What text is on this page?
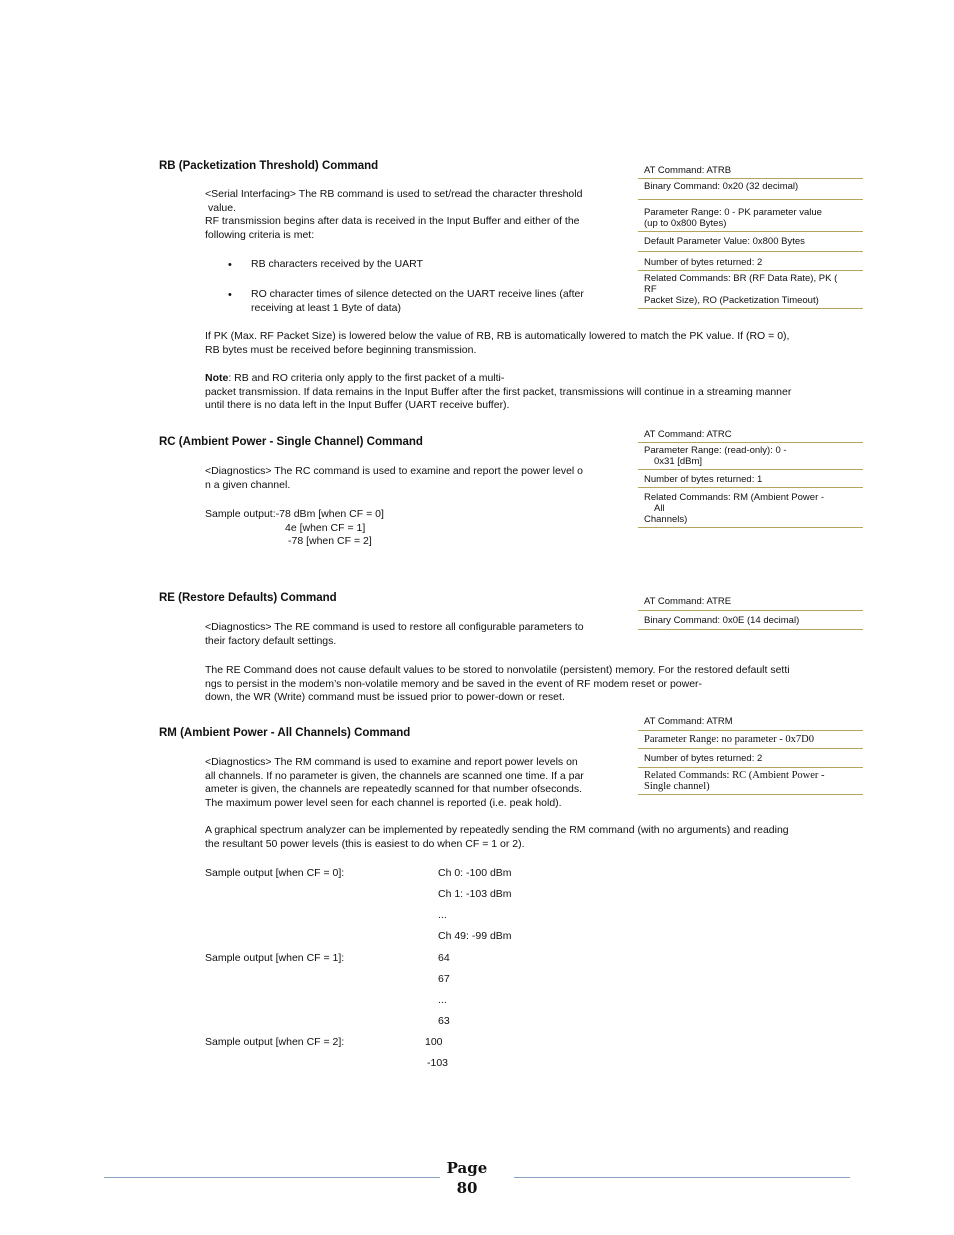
RB (Packetization Threshold) Command	AT Command: ATRB
Binary Command: 0x20 (32 decimal)
Parameter Range: 0 - PK parameter value
(up to 0x800 Bytes)
Default Parameter Value: 0x800 Bytes
Number of bytes returned: 2
Related Commands: BR (RF Data Rate), PK (
RF
Packet Size), RO (Packetization Timeout)
<Serial Interfacing> The RB command is used to set/read the character threshold
value.
RF transmission begins after data is received in the Input Buffer and either of the
following criteria is met:
• RB characters received by the UART
• RO character times of silence detected on the UART receive lines (after
receiving at least 1 Byte of data)
If PK (Max. RF Packet Size) is lowered below the value of RB, RB is automatically lowered to match the PK value. If (RO = 0),
RB bytes must be received before beginning transmission.
Note: RB and RO criteria only apply to the first packet of a multi-
packet transmission. If data remains in the Input Buffer after the first packet, transmissions will continue in a streaming manner
until there is no data left in the Input Buffer (UART receive buffer).
RC (Ambient Power - Single Channel) Command
AT Command: ATRC
Parameter Range: (read-only): 0 -
0x31 [dBm]
Number of bytes returned: 1
Related Commands: RM (Ambient Power -
All
Channels)
<Diagnostics> The RC command is used to examine and report the power level o
n a given channel.
Sample output:-78 dBm [when CF = 0]
4e [when CF = 1]
-78 [when CF = 2]
RE (Restore Defaults) Command	AT Command: ATRE
Binary Command: 0x0E (14 decimal)
<Diagnostics> The RE command is used to restore all configurable parameters to
their factory default settings.
The RE Command does not cause default values to be stored to nonvolatile (persistent) memory. For the restored default setti
ngs to persist in the modem’s non-volatile memory and be saved in the event of RF modem reset or power-
down, the WR (Write) command must be issued prior to power-down or reset.
RM (Ambient Power - All Channels) Command
AT Command: ATRM
Parameter Range: no parameter - 0x7D0
Number of bytes returned: 2
Related Commands: RC (Ambient Power -
Single channel)
<Diagnostics> The RM command is used to examine and report power levels on
all channels. If no parameter is given, the channels are scanned one time. If a par
ameter is given, the channels are repeatedly scanned for that number ofseconds.
The maximum power level seen for each channel is reported (i.e. peak hold).
A graphical spectrum analyzer can be implemented by repeatedly sending the RM command (with no arguments) and reading
the resultant 50 power levels (this is easiest to do when CF = 1 or 2).
Sample output [when CF = 0]:	Ch 0: -100 dBm
Ch 1: -103 dBm
...
Ch 49: -99 dBm
Sample output [when CF = 1]:	64
67
...
63
Sample output [when CF = 2]:	100
-103
Page
80
